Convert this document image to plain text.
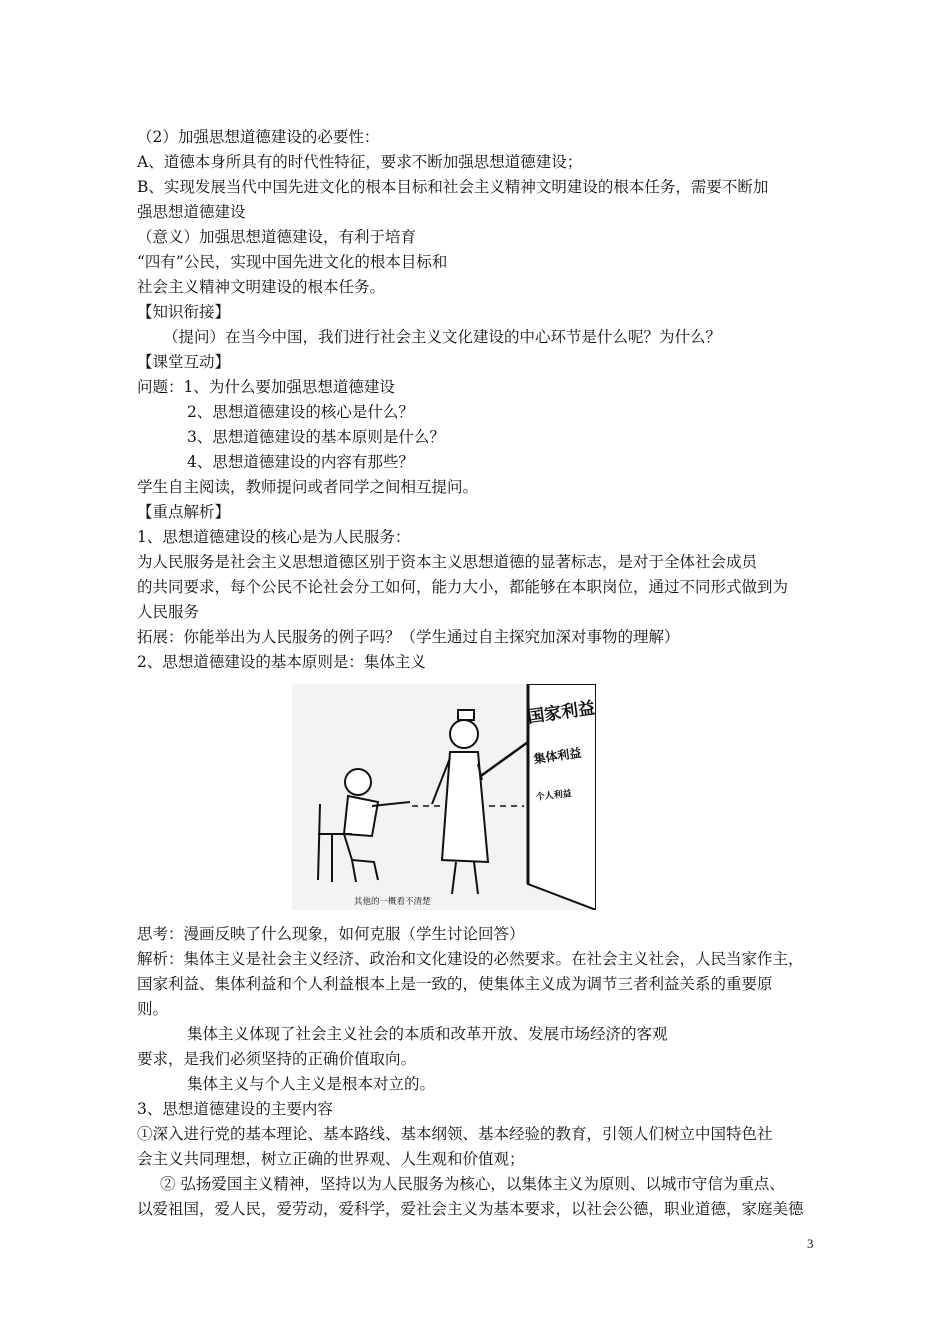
（2）加强思想道德建设的必要性：
A、道德本身所具有的时代性特征，要求不断加强思想道德建设；
B、实现发展当代中国先进文化的根本目标和社会主义精神文明建设的根本任务，需要不断加
强思想道德建设
（意义）加强思想道德建设，有利于培育
“四有”公民，实现中国先进文化的根本目标和
社会主义精神文明建设的根本任务。
【知识衔接】
（提问）在当今中国，我们进行社会主义文化建设的中心环节是什么呢？为什么？
【课堂互动】
问题：1、为什么要加强思想道德建设
2、思想道德建设的核心是什么？
3、思想道德建设的基本原则是什么？
4、思想道德建设的内容有那些？
学生自主阅读，教师提问或者同学之间相互提问。
【重点解析】
1、思想道德建设的核心是为人民服务：
为人民服务是社会主义思想道德区别于资本主义思想道德的显著标志，是对于全体社会成员
的共同要求，每个公民不论社会分工如何，能力大小，都能够在本职岗位，通过不同形式做到为
人民服务
拓展：你能举出为人民服务的例子吗？（学生通过自主探究加深对事物的理解）
2、思想道德建设的基本原则是：集体主义
国家利益
集体利益
个人利益
其他的一概看不清楚
思考：漫画反映了什么现象，如何克服（学生讨论回答）
解析：集体主义是社会主义经济、政治和文化建设的必然要求。在社会主义社会，人民当家作主，
国家利益、集体利益和个人利益根本上是一致的，使集体主义成为调节三者利益关系的重要原
则。
集体主义体现了社会主义社会的本质和改革开放、发展市场经济的客观
要求，是我们必须坚持的正确价值取向。
集体主义与个人主义是根本对立的。
3、思想道德建设的主要内容
①深入进行党的基本理论、基本路线、基本纲领、基本经验的教育，引领人们树立中国特色社
会主义共同理想，树立正确的世界观、人生观和价值观；
② 弘扬爱国主义精神，坚持以为人民服务为核心，以集体主义为原则、以城市守信为重点、
以爱祖国，爱人民，爱劳动，爱科学，爱社会主义为基本要求，以社会公德，职业道德，家庭美德
3
